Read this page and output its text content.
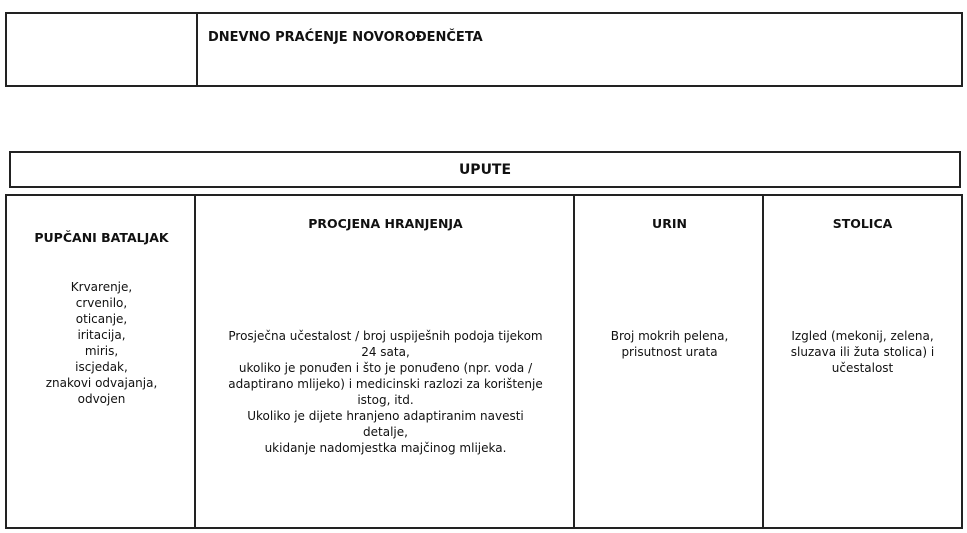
DNEVNO PRAĆENJE NOVOROĐENČETA
UPUTE
PUPČANI BATALJAK
Krvarenje,
crvenilo,
oticanje,
iritacija,
miris,
iscjedak,
znakovi odvajanja,
odvojen
PROCJENA HRANJENJA
Prosječna učestalost / broj uspiješnih podoja tijekom
24 sata,
ukoliko je ponuđen i što je ponuđeno (npr. voda /
adaptirano mlijeko) i medicinski razlozi za korištenje
istog, itd.
Ukoliko je dijete hranjeno adaptiranim navesti
detalje,
ukidanje nadomjestka majčinog mlijeka.
URIN
Broj mokrih pelena,
prisutnost urata
STOLICA
Izgled (mekonij, zelena,
sluzava ili žuta stolica) i
učestalost
